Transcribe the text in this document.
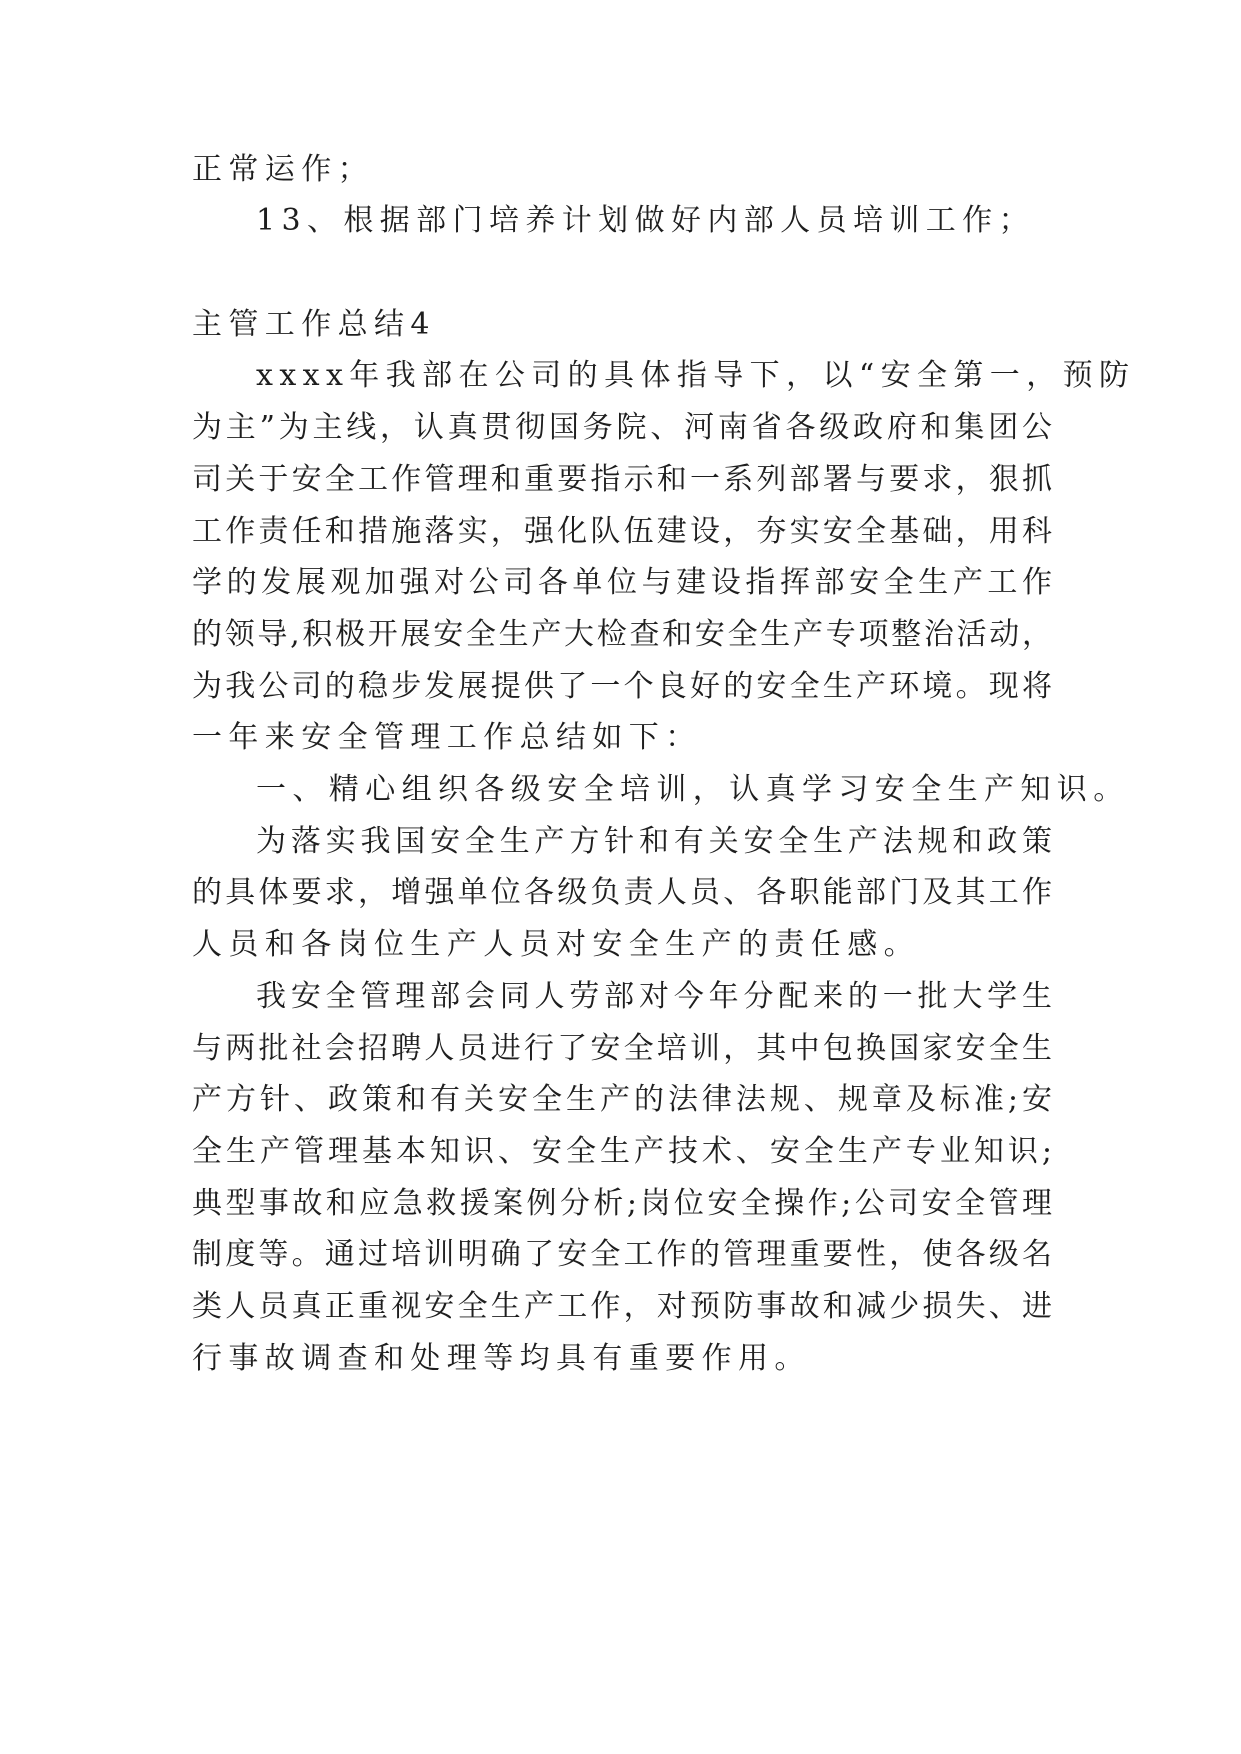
正常运作；
13、根据部门培养计划做好内部人员培训工作；
主管工作总结4
xxxx年我部在公司的具体指导下，以“安全第一，预防
为主”为主线，认真贯彻国务院、河南省各级政府和集团公
司关于安全工作管理和重要指示和一系列部署与要求，狠抓
工作责任和措施落实，强化队伍建设，夯实安全基础，用科
学的发展观加强对公司各单位与建设指挥部安全生产工作
的领导,积极开展安全生产大检查和安全生产专项整治活动，
为我公司的稳步发展提供了一个良好的安全生产环境。现将
一年来安全管理工作总结如下：
一、精心组织各级安全培训，认真学习安全生产知识。
为落实我国安全生产方针和有关安全生产法规和政策
的具体要求，增强单位各级负责人员、各职能部门及其工作
人员和各岗位生产人员对安全生产的责任感。
我安全管理部会同人劳部对今年分配来的一批大学生
与两批社会招聘人员进行了安全培训，其中包换国家安全生
产方针、政策和有关安全生产的法律法规、规章及标准;安
全生产管理基本知识、安全生产技术、安全生产专业知识;
典型事故和应急救援案例分析;岗位安全操作;公司安全管理
制度等。通过培训明确了安全工作的管理重要性，使各级名
类人员真正重视安全生产工作，对预防事故和减少损失、进
行事故调查和处理等均具有重要作用。
